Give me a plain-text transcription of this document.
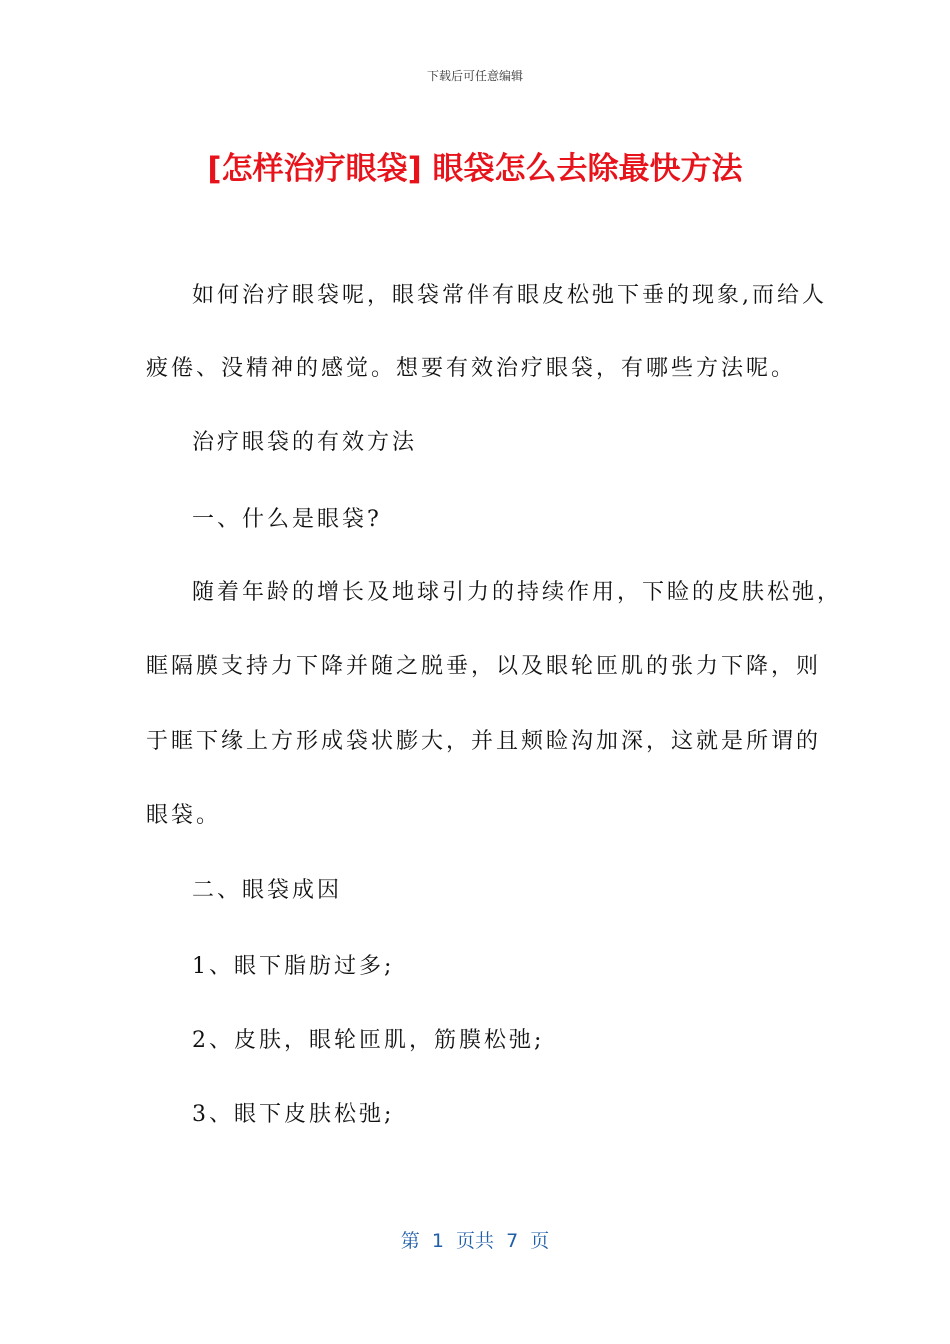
下载后可任意编辑
[怎样治疗眼袋] 眼袋怎么去除最快方法
如何治疗眼袋呢，眼袋常伴有眼皮松弛下垂的现象,而给人
疲倦、没精神的感觉。想要有效治疗眼袋，有哪些方法呢。
治疗眼袋的有效方法
一、什么是眼袋?
随着年龄的增长及地球引力的持续作用，下睑的皮肤松弛，
眶隔膜支持力下降并随之脱垂，以及眼轮匝肌的张力下降，则
于眶下缘上方形成袋状膨大，并且颊睑沟加深，这就是所谓的
眼袋。
二、眼袋成因
1、眼下脂肪过多;
2、皮肤，眼轮匝肌，筋膜松弛;
3、眼下皮肤松弛;
第  1  页共  7  页
